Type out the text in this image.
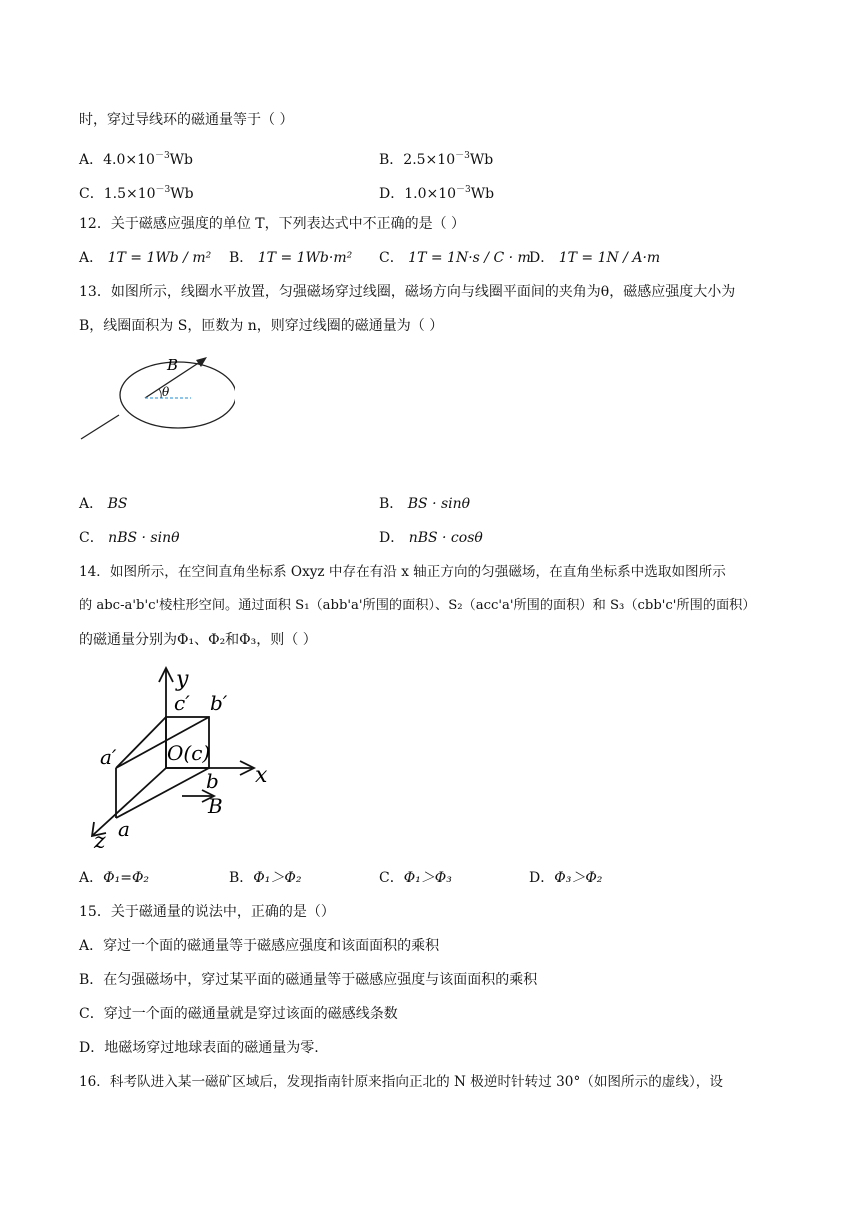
时，穿过导线环的磁通量等于（ ）
A．$4.0\times 10^{-3}Wb$	B．$2.5\times 10^{-3}Wb$
C．$1.5\times 10^{-3}Wb$	D．$1.0\times 10^{-3}Wb$
12．关于磁感应强度的单位 T，下列表达式中不正确的是（ ）
A． 1T = 1Wb / m² B． 1T = 1Wb·m² C． 1T = 1N·s / C · m
D． 1T = 1N / A·m
13．如图所示，线圈水平放置，匀强磁场穿过线圈，磁场方向与线圈平面间的夹角为θ，磁感应强度大小为
B，线圈面积为 S，匝数为 n，则穿过线圈的磁通量为（ ）
B
θ
A． BS	B． BS · sinθ
C． nBS · sinθ	D． nBS · cosθ
14．如图所示，在空间直角坐标系 Oxyz 中存在有沿 x 轴正方向的匀强磁场，在直角坐标系中选取如图所示
的 abc-a'b'c'棱柱形空间。通过面积 S₁（abb'a'所围的面积）、S₂（acc'a'所围的面积）和 S₃（cbb'c'所围的面积）
的磁通量分别为Φ₁、Φ₂和Φ₃，则（ ）
y
x
z
c′ b′
a′	O(c)
b
a
B
A．Φ₁=Φ₂	B．Φ₁＞Φ₂	C．Φ₁＞Φ₃	D．Φ₃＞Φ₂
15．关于磁通量的说法中，正确的是（）
A．穿过一个面的磁通量等于磁感应强度和该面面积的乘积
B．在匀强磁场中，穿过某平面的磁通量等于磁感应强度与该面面积的乘积
C．穿过一个面的磁通量就是穿过该面的磁感线条数
D．地磁场穿过地球表面的磁通量为零.
16．科考队进入某一磁矿区域后，发现指南针原来指向正北的 N 极逆时针转过 30°（如图所示的虚线），设
